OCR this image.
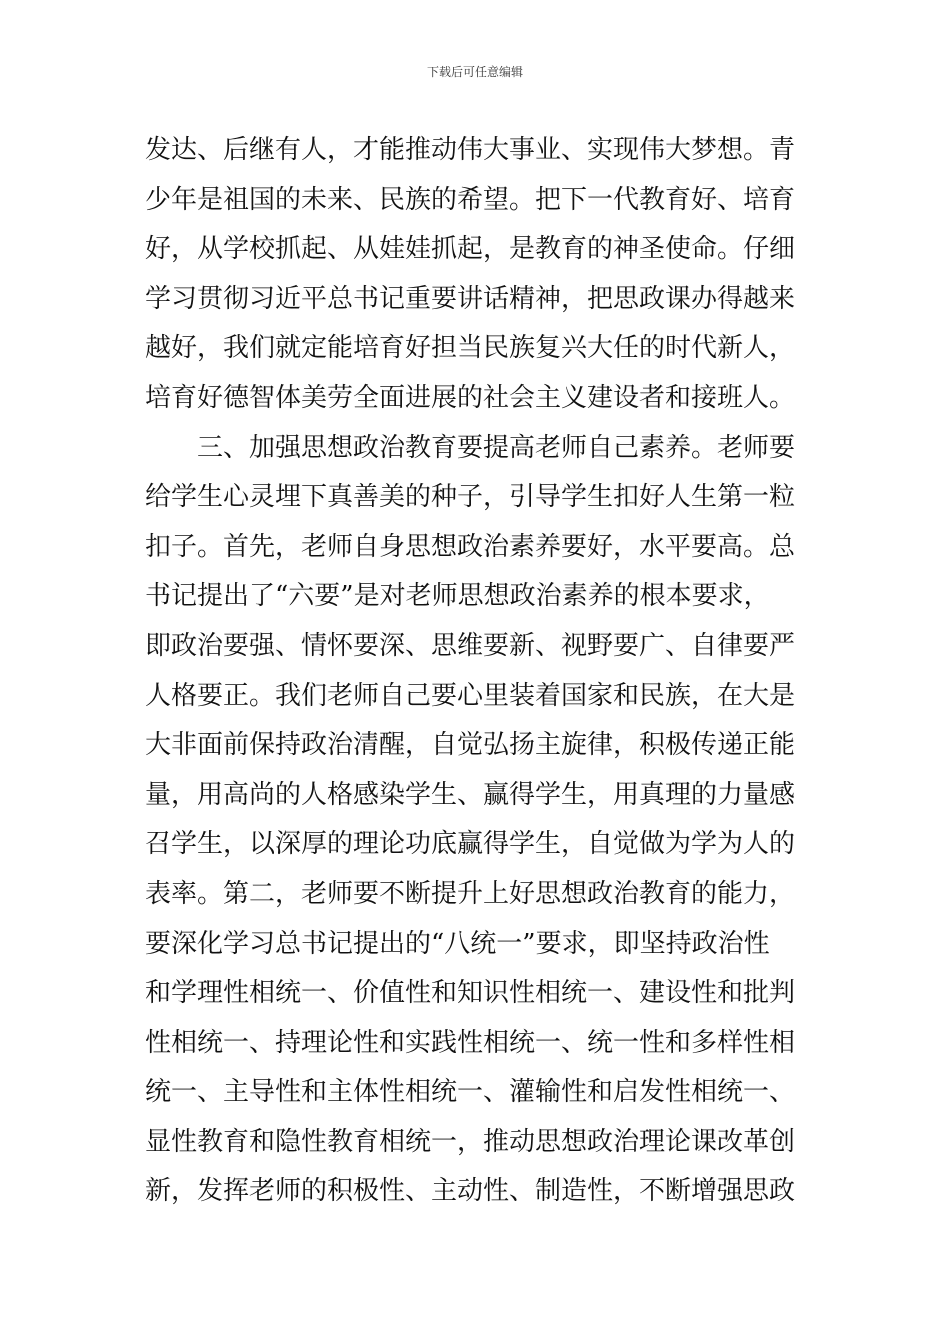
下载后可任意编辑
发达、后继有人，才能推动伟大事业、实现伟大梦想。青
少年是祖国的未来、民族的希望。把下一代教育好、培育
好，从学校抓起、从娃娃抓起，是教育的神圣使命。仔细
学习贯彻习近平总书记重要讲话精神，把思政课办得越来
越好，我们就定能培育好担当民族复兴大任的时代新人，
培育好德智体美劳全面进展的社会主义建设者和接班人。
三、加强思想政治教育要提高老师自己素养。老师要
给学生心灵埋下真善美的种子，引导学生扣好人生第一粒
扣子。首先，老师自身思想政治素养要好，水平要高。总
书记提出了“六要”是对老师思想政治素养的根本要求，
即政治要强、情怀要深、思维要新、视野要广、自律要严
人格要正。我们老师自己要心里装着国家和民族，在大是
大非面前保持政治清醒，自觉弘扬主旋律，积极传递正能
量，用高尚的人格感染学生、赢得学生，用真理的力量感
召学生，以深厚的理论功底赢得学生，自觉做为学为人的
表率。第二，老师要不断提升上好思想政治教育的能力，
要深化学习总书记提出的“八统一”要求，即坚持政治性
和学理性相统一、价值性和知识性相统一、建设性和批判
性相统一、持理论性和实践性相统一、统一性和多样性相
统一、主导性和主体性相统一、灌输性和启发性相统一、
显性教育和隐性教育相统一，推动思想政治理论课改革创
新，发挥老师的积极性、主动性、制造性，不断增强思政
